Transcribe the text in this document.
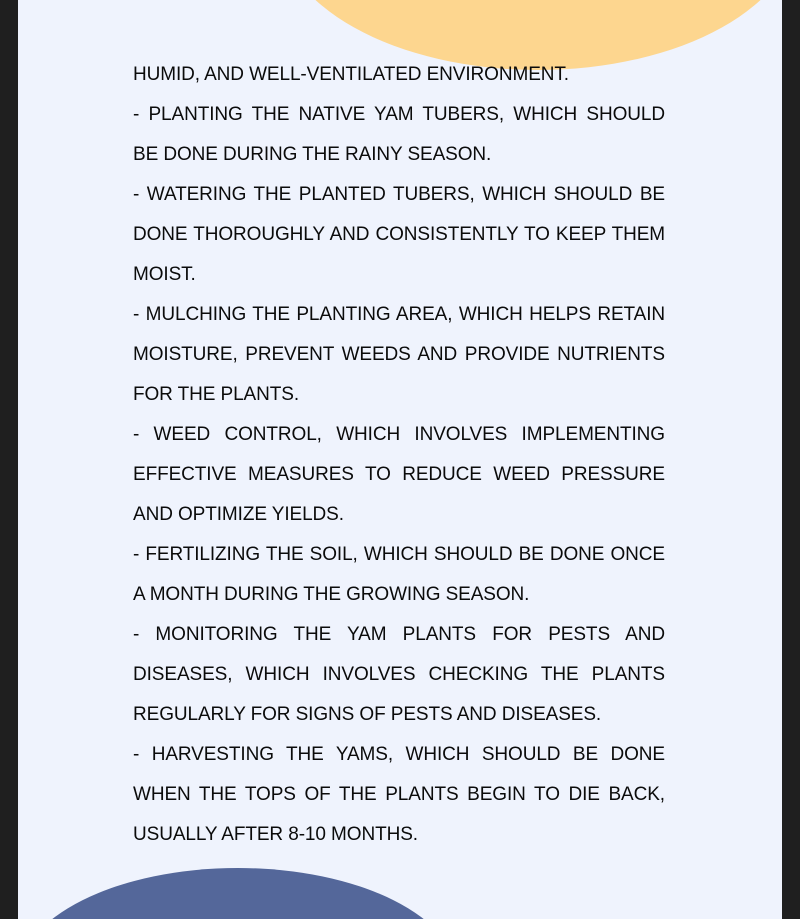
HUMID, AND WELL-VENTILATED ENVIRONMENT.

- PLANTING THE NATIVE YAM TUBERS, WHICH SHOULD BE DONE DURING THE RAINY SEASON.

- WATERING THE PLANTED TUBERS, WHICH SHOULD BE DONE THOROUGHLY AND CONSISTENTLY TO KEEP THEM MOIST.

- MULCHING THE PLANTING AREA, WHICH HELPS RETAIN MOISTURE, PREVENT WEEDS AND PROVIDE NUTRIENTS FOR THE PLANTS.

- WEED CONTROL, WHICH INVOLVES IMPLEMENTING EFFECTIVE MEASURES TO REDUCE WEED PRESSURE AND OPTIMIZE YIELDS.

- FERTILIZING THE SOIL, WHICH SHOULD BE DONE ONCE A MONTH DURING THE GROWING SEASON.

- MONITORING THE YAM PLANTS FOR PESTS AND DISEASES, WHICH INVOLVES CHECKING THE PLANTS REGULARLY FOR SIGNS OF PESTS AND DISEASES.

- HARVESTING THE YAMS, WHICH SHOULD BE DONE WHEN THE TOPS OF THE PLANTS BEGIN TO DIE BACK, USUALLY AFTER 8-10 MONTHS.
